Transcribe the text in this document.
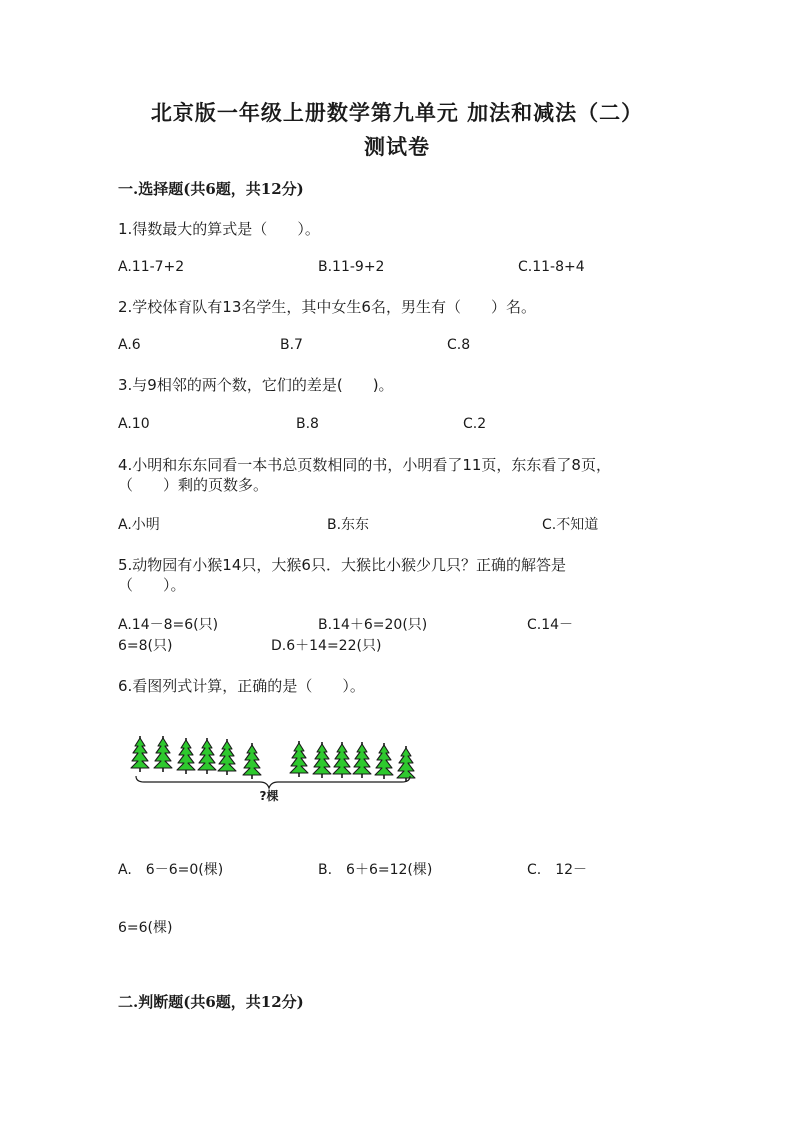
北京版一年级上册数学第九单元 加法和减法（二）
测试卷
一.选择题(共6题，共12分)
1.得数最大的算式是（　　）。
A.11-7+2	B.11-9+2	C.11-8+4
2.学校体育队有13名学生，其中女生6名，男生有（　　）名。
A.6	B.7	C.8
3.与9相邻的两个数，它们的差是(　　)。
A.10	B.8	C.2
4.小明和东东同看一本书总页数相同的书，小明看了11页，东东看了8页，
（　　）剩的页数多。
A.小明	B.东东	C.不知道
5.动物园有小猴14只，大猴6只．大猴比小猴少几只？正确的解答是
（　　）。
A.14－8=6(只)	B.14＋6=20(只)	C.14－
6=8(只)	D.6＋14=22(只)
6.看图列式计算，正确的是（　　）。
?棵
A.　6－6=0(棵)	B.　6＋6=12(棵)	C.　12－
6=6(棵)
二.判断题(共6题，共12分)
